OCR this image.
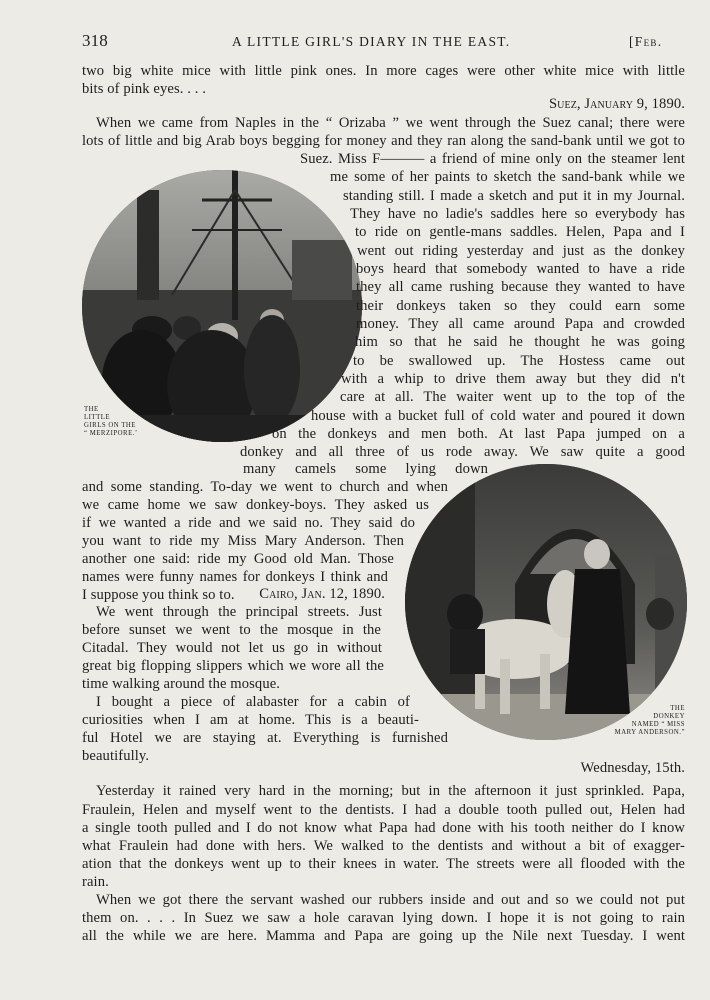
318	A LITTLE GIRL'S DIARY IN THE EAST.	[Feb.
THE
LITTLE
GIRLS ON THE
“ MERZIPORE.’
THE
DONKEY
NAMED “ MISS
MARY ANDERSON.”
two big white mice with little pink ones. In more cages were other white mice with little
bits of pink eyes. . . .
Suez, January 9, 1890.
When we came from Naples in the “ Orizaba ” we went through the Suez canal; there were
lots of little and big Arab boys begging for money and they ran along the sand-bank until we got to
Suez. Miss F——— a friend of mine only on the steamer lent
me some of her paints to sketch the sand-bank while we
standing still. I made a sketch and put it in my Journal.
They have no ladie's saddles here so everybody has
to ride on gentle-mans saddles. Helen, Papa and I
went out riding yesterday and just as the donkey
boys heard that somebody wanted to have a ride
they all came rushing because they wanted to have
their donkeys taken so they could earn some
money. They all came around Papa and crowded
him so that he said he thought he was going
to be swallowed up. The Hostess came out
with a whip to drive them away but they did n't
care at all. The waiter went up to the top of the
house with a bucket full of cold water and poured it down
on the donkeys and men both. At last Papa jumped on a
donkey and all three of us rode away. We saw quite a good
many camels some lying down
and some standing. To-day we went to church and when
we came home we saw donkey-boys. They asked us
if we wanted a ride and we said no. They said do
you want to ride my Miss Mary Anderson. Then
another one said: ride my Good old Man. Those
names were funny names for donkeys I think and
I suppose you think so to.	Cairo, Jan. 12, 1890.
We went through the principal streets. Just
before sunset we went to the mosque in the
Citadal. They would not let us go in without
great big flopping slippers which we wore all the
time walking around the mosque.
I bought a piece of alabaster for a cabin of
curiosities when I am at home. This is a beauti-
ful Hotel we are staying at. Everything is furnished
beautifully.
Wednesday, 15th.
Yesterday it rained very hard in the morning; but in the afternoon it just sprinkled. Papa,
Fraulein, Helen and myself went to the dentists. I had a double tooth pulled out, Helen had
a single tooth pulled and I do not know what Papa had done with his tooth neither do I know
what Fraulein had done with hers. We walked to the dentists and without a bit of exagger-
ation that the donkeys went up to their knees in water. The streets were all flooded with the
rain.
When we got there the servant washed our rubbers inside and out and so we could not put
them on. . . . In Suez we saw a hole caravan lying down. I hope it is not going to rain
all the while we are here. Mamma and Papa are going up the Nile next Tuesday. I went
